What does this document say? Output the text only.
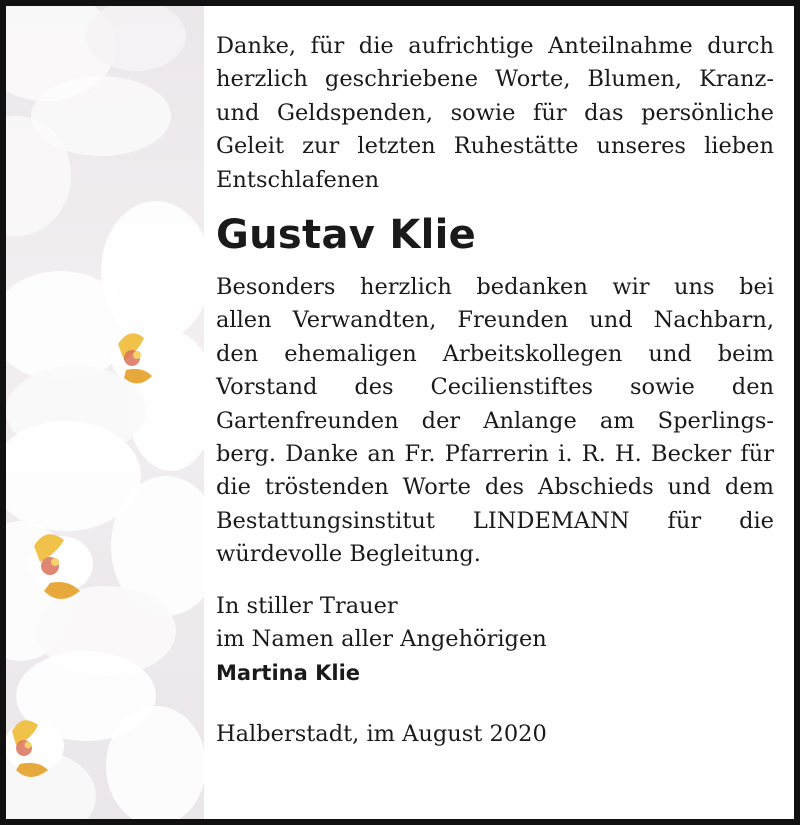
Danke, für die aufrichtige Anteilnahme durch
herzlich geschriebene Worte, Blumen, Kranz-
und Geldspenden, sowie für das persönliche
Geleit zur letzten Ruhestätte unseres lieben
Entschlafenen

Gustav Klie

Besonders herzlich bedanken wir uns bei
allen Verwandten, Freunden und Nachbarn,
den ehemaligen Arbeitskollegen und beim
Vorstand des Cecilienstiftes sowie den
Gartenfreunden der Anlange am Sperlings-
berg. Danke an Fr. Pfarrerin i. R. H. Becker für
die tröstenden Worte des Abschieds und dem
Bestattungsinstitut LINDEMANN für die
würdevolle Begleitung.

In stiller Trauer
im Namen aller Angehörigen
Martina Klie
Halberstadt, im August 2020
